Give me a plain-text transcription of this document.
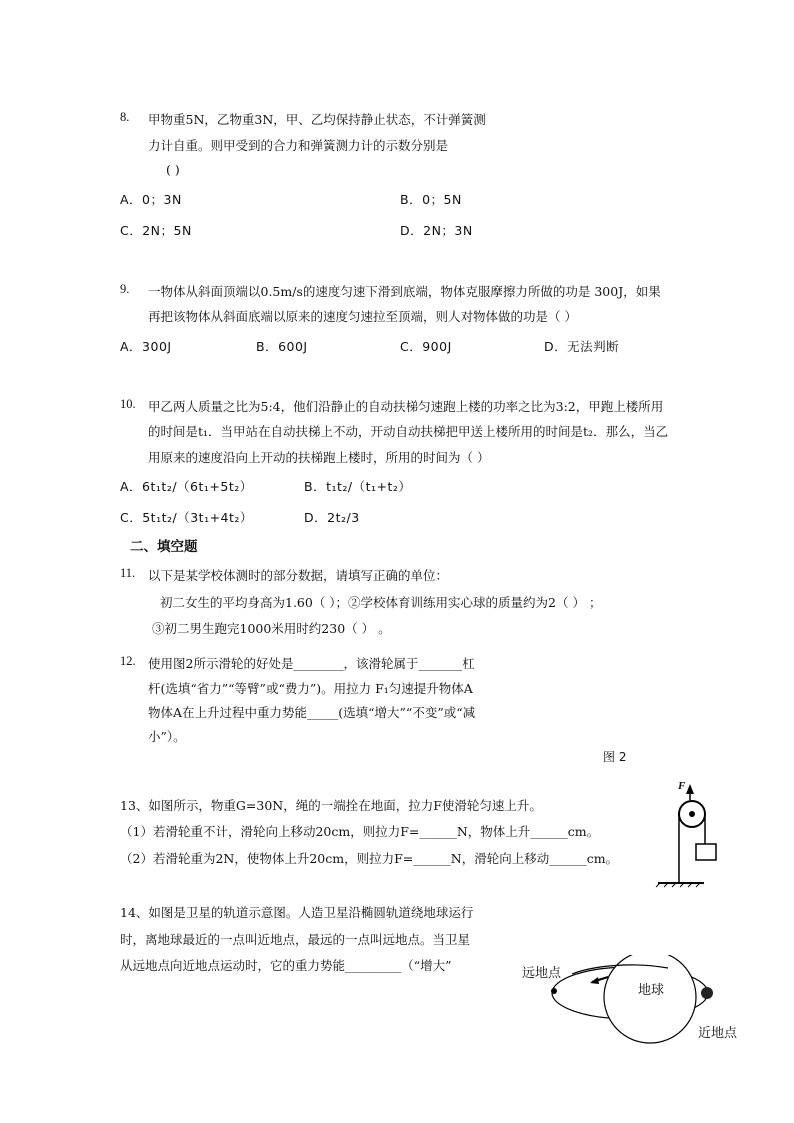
8. 甲物重5N，乙物重3N，甲、乙均保持静止状态，不计弹簧测
力计自重。则甲受到的合力和弹簧测力计的示数分别是
( )
A．0；3N	B．0；5N
C．2N；5N	D．2N；3N
9. 一物体从斜面顶端以0.5m/s的速度匀速下滑到底端，物体克服摩擦力所做的功是 300J，如果
再把该物体从斜面底端以原来的速度匀速拉至顶端，则人对物体做的功是（ ）
A．300J	B．600J	C．900J	D．无法判断
10. 甲乙两人质量之比为5:4，他们沿静止的自动扶梯匀速跑上楼的功率之比为3:2，甲跑上楼所用
的时间是t₁．当甲站在自动扶梯上不动，开动自动扶梯把甲送上楼所用的时间是t₂．那么，当乙
用原来的速度沿向上开动的扶梯跑上楼时，所用的时间为（ ）
A．6t₁t₂/（6t₁+5t₂）	B．t₁t₂/（t₁+t₂）
C．5t₁t₂/（3t₁+4t₂）	D．2t₂/3
二、填空题
11. 以下是某学校体测时的部分数据，请填写正确的单位：
初二女生的平均身高为1.60（ ）；②学校体育训练用实心球的质量约为2（ ） ；
③初二男生跑完1000米用时约230（ ） 。
12. 使用图2所示滑轮的好处是________，该滑轮属于_______杠
杆(选填“省力”“等臂”或“费力”)。用拉力 F₁匀速提升物体A
物体A在上升过程中重力势能_____(选填“增大”“不变”或“减
小”）。
图 2
13、如图所示，物重G=30N，绳的一端拴在地面，拉力F使滑轮匀速上升。
（1）若滑轮重不计，滑轮向上移动20cm，则拉力F=______N，物体上升______cm。
（2）若滑轮重为2N，使物体上升20cm，则拉力F=______N，滑轮向上移动______cm。
F
14、如图是卫星的轨道示意图。人造卫星沿椭圆轨道绕地球运行
时，离地球最近的一点叫近地点，最远的一点叫远地点。当卫星
从远地点向近地点运动时，它的重力势能_________（“增大”
远地点
地球
近地点
